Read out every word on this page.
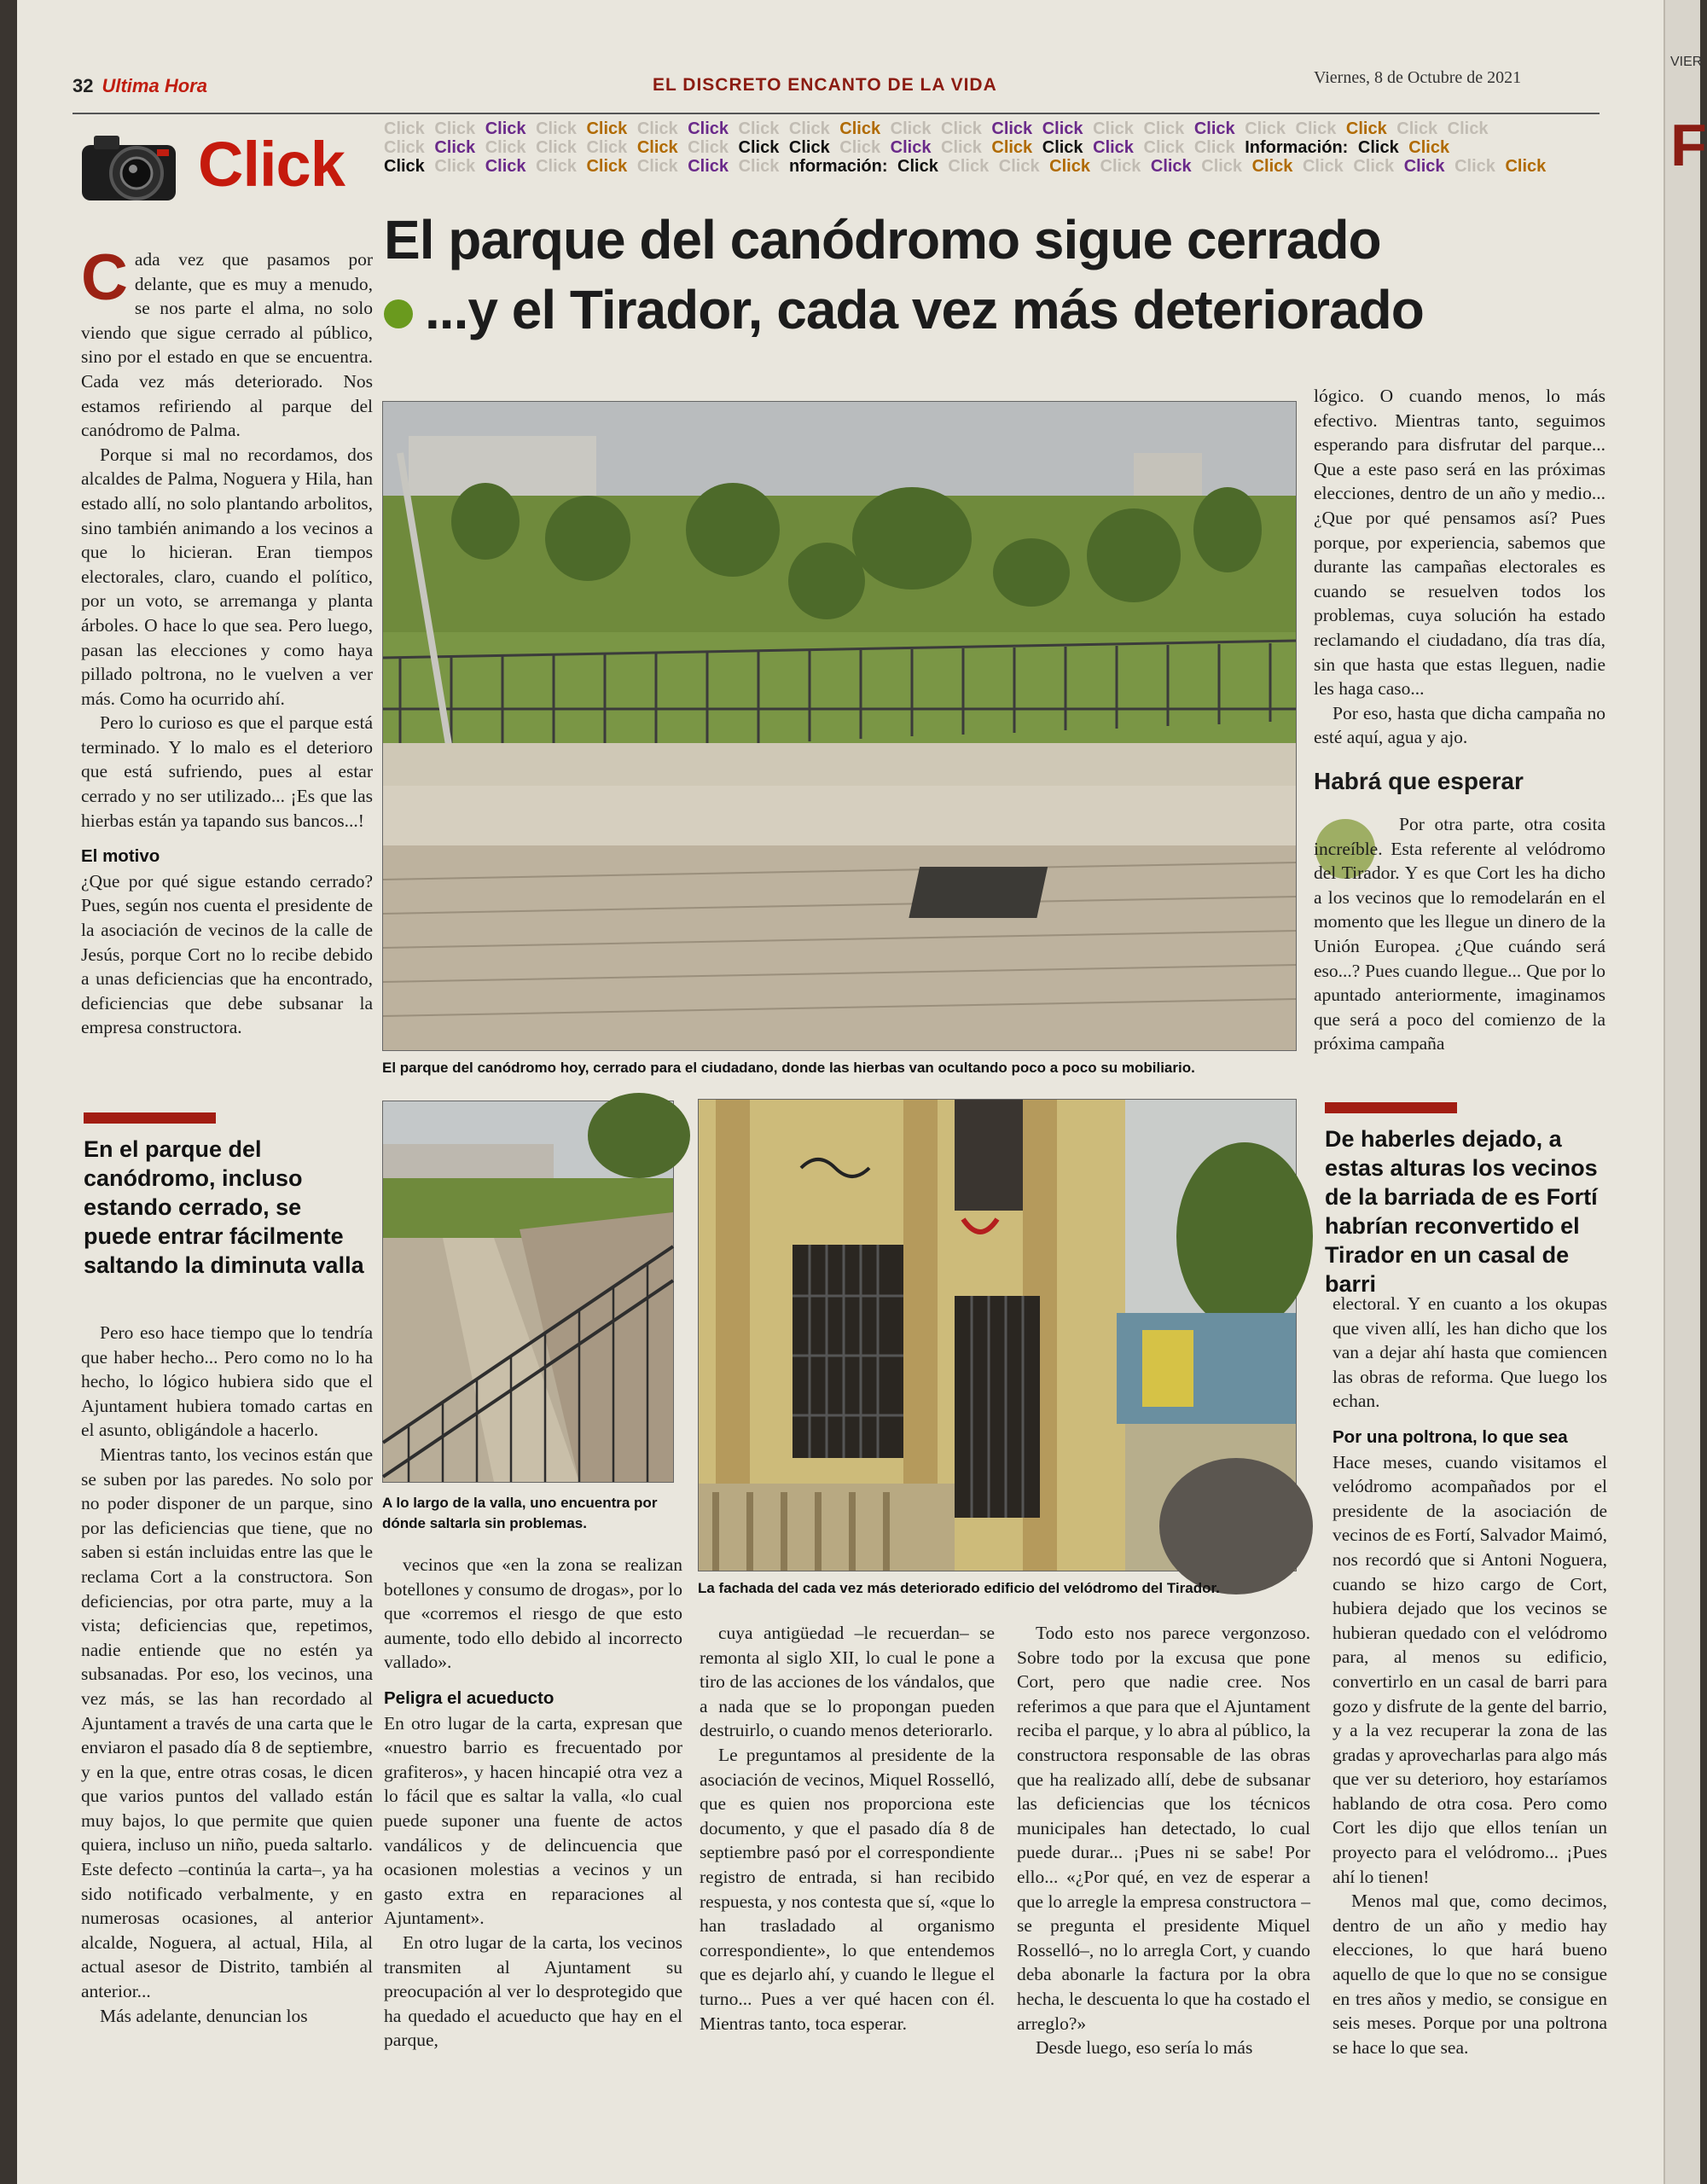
32 Ultima Hora	EL DISCRETO ENCANTO DE LA VIDA	Viernes, 8 de Octubre de 2021
Click Click Click Click Click Click Click Click Click Click Click Click Click Click Click Click Click Click Click Click Click Click Click
Click Click Click Click Click Click Click Click Click Click Click Click Click Click Click Click Click Información: Click Click
Click Click Click Click Click Click Click Click nformación: Click Click Click Click Click Click Click Click Click Click Click Click Click
El parque del canódromo sigue cerrado
...y el Tirador, cada vez más deteriorado

Cada vez que pasamos por delante, que es muy a menudo, se nos parte el alma, no solo viendo que sigue cerrado al público, sino por el estado en que se encuentra. Cada vez más deteriorado. Nos estamos refiriendo al parque del canódromo de Palma.

Porque si mal no recordamos, dos alcaldes de Palma, Noguera y Hila, han estado allí, no solo plantando arbolitos, sino también animando a los vecinos a que lo hicieran. Eran tiempos electorales, claro, cuando el político, por un voto, se arremanga y planta árboles. O hace lo que sea. Pero luego, pasan las elecciones y como haya pillado poltrona, no le vuelven a ver más. Como ha ocurrido ahí.

Pero lo curioso es que el parque está terminado. Y lo malo es el deterioro que está sufriendo, pues al estar cerrado y no ser utilizado... ¡Es que las hierbas están ya tapando sus bancos...!

El motivo

¿Que por qué sigue estando cerrado? Pues, según nos cuenta el presidente de la asociación de vecinos de la calle de Jesús, porque Cort no lo recibe debido a unas deficiencias que ha encontrado, deficiencias que debe subsanar la empresa constructora.

En el parque del canódromo, incluso estando cerrado, se puede entrar fácilmente saltando la diminuta valla

Pero eso hace tiempo que lo tendría que haber hecho... Pero como no lo ha hecho, lo lógico hubiera sido que el Ajuntament hubiera tomado cartas en el asunto, obligándole a hacerlo.

Mientras tanto, los vecinos están que se suben por las paredes. No solo por no poder disponer de un parque, sino por las deficiencias que tiene, que no saben si están incluidas entre las que le reclama Cort a la constructora. Son deficiencias, por otra parte, muy a la vista; deficiencias que, repetimos, nadie entiende que no estén ya subsanadas. Por eso, los vecinos, una vez más, se las han recordado al Ajuntament a través de una carta que le enviaron el pasado día 8 de septiembre, y en la que, entre otras cosas, le dicen que varios puntos del vallado están muy bajos, lo que permite que quien quiera, incluso un niño, pueda saltarlo. Este defecto –continúa la carta–, ya ha sido notificado verbalmente, y en numerosas ocasiones, al anterior alcalde, Noguera, al actual, Hila, al actual asesor de Distrito, también al anterior...

Más adelante, denuncian los

El parque del canódromo hoy, cerrado para el ciudadano, donde las hierbas van ocultando poco a poco su mobiliario.
A lo largo de la valla, uno encuentra por dónde saltarla sin problemas.
La fachada del cada vez más deteriorado edificio del velódromo del Tirador.

vecinos que «en la zona se realizan botellones y consumo de drogas», por lo que «corremos el riesgo de que esto aumente, todo ello debido al incorrecto vallado».

Peligra el acueducto

En otro lugar de la carta, expresan que «nuestro barrio es frecuentado por grafiteros», y hacen hincapié otra vez a lo fácil que es saltar la valla, «lo cual puede suponer una fuente de actos vandálicos y de delincuencia que ocasionen molestias a vecinos y un gasto extra en reparaciones al Ajuntament».

En otro lugar de la carta, los vecinos transmiten al Ajuntament su preocupación al ver lo desprotegido que ha quedado el acueducto que hay en el parque,

cuya antigüedad –le recuerdan– se remonta al siglo XII, lo cual le pone a tiro de las acciones de los vándalos, que a nada que se lo propongan pueden destruirlo, o cuando menos deteriorarlo.

Le preguntamos al presidente de la asociación de vecinos, Miquel Rosselló, que es quien nos proporciona este documento, y que el pasado día 8 de septiembre pasó por el correspondiente registro de entrada, si han recibido respuesta, y nos contesta que sí, «que lo han trasladado al organismo correspondiente», lo que entendemos que es dejarlo ahí, y cuando le llegue el turno... Pues a ver qué hacen con él. Mientras tanto, toca esperar.

Todo esto nos parece vergonzoso. Sobre todo por la excusa que pone Cort, pero que nadie cree. Nos referimos a que para que el Ajuntament reciba el parque, y lo abra al público, la constructora responsable de las obras que ha realizado allí, debe de subsanar las deficiencias que los técnicos municipales han detectado, lo cual puede durar... ¡Pues ni se sabe! Por ello... «¿Por qué, en vez de esperar a que lo arregle la empresa constructora –se pregunta el presidente Miquel Rosselló–, no lo arregla Cort, y cuando deba abonarle la factura por la obra hecha, le descuenta lo que ha costado el arreglo?»

Desde luego, eso sería lo más

lógico. O cuando menos, lo más efectivo. Mientras tanto, seguimos esperando para disfrutar del parque... Que a este paso será en las próximas elecciones, dentro de un año y medio... ¿Que por qué pensamos así? Pues porque, por experiencia, sabemos que durante las campañas electorales es cuando se resuelven todos los problemas, cuya solución ha estado reclamando el ciudadano, día tras día, sin que hasta que estas lleguen, nadie les haga caso...

Por eso, hasta que dicha campaña no esté aquí, agua y ajo.

Habrá que esperar

Por otra parte, otra cosita increíble. Esta referente al velódromo del Tirador. Y es que Cort les ha dicho a los vecinos que lo remodelarán en el momento que les llegue un dinero de la Unión Europea. ¿Que cuándo será eso...? Pues cuando llegue... Que por lo apuntado anteriormente, imaginamos que será a poco del comienzo de la próxima campaña

De haberles dejado, a estas alturas los vecinos de la barriada de es Fortí habrían reconvertido el Tirador en un casal de barri

electoral. Y en cuanto a los okupas que viven allí, les han dicho que los van a dejar ahí hasta que comiencen las obras de reforma. Que luego los echan.

Por una poltrona, lo que sea

Hace meses, cuando visitamos el velódromo acompañados por el presidente de la asociación de vecinos de es Fortí, Salvador Maimó, nos recordó que si Antoni Noguera, cuando se hizo cargo de Cort, hubiera dejado que los vecinos se hubieran quedado con el velódromo para, al menos su edificio, convertirlo en un casal de barri para gozo y disfrute de la gente del barrio, y a la vez recuperar la zona de las gradas y aprovecharlas para algo más que ver su deterioro, hoy estaríamos hablando de otra cosa. Pero como Cort les dijo que ellos tenían un proyecto para el velódromo... ¡Pues ahí lo tienen!

Menos mal que, como decimos, dentro de un año y medio hay elecciones, lo que hará bueno aquello de que lo que no se consigue en tres años y medio, se consigue en seis meses. Porque por una poltrona se hace lo que sea.

VIER
F
